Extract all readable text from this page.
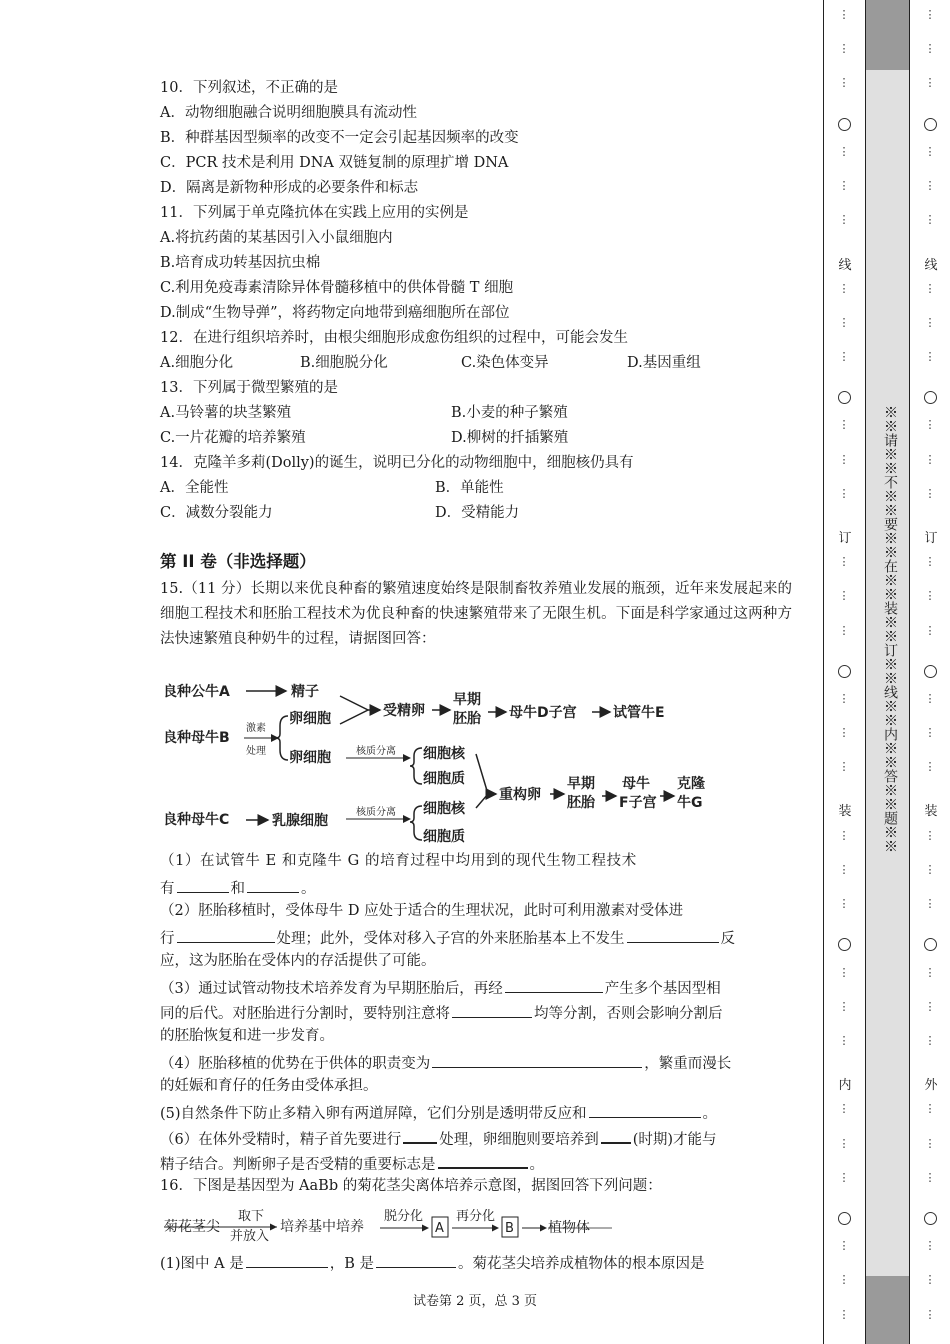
10．下列叙述，不正确的是
A．动物细胞融合说明细胞膜具有流动性
B．种群基因型频率的改变不一定会引起基因频率的改变
C．PCR 技术是利用 DNA 双链复制的原理扩增 DNA
D．隔离是新物种形成的必要条件和标志
11．下列属于单克隆抗体在实践上应用的实例是
A.将抗药菌的某基因引入小鼠细胞内
B.培育成功转基因抗虫棉
C.利用免疫毒素清除异体骨髓移植中的供体骨髓 T 细胞
D.制成“生物导弹”，将药物定向地带到癌细胞所在部位
12．在进行组织培养时，由根尖细胞形成愈伤组织的过程中，可能会发生
A.细胞分化	B.细胞脱分化	C.染色体变异	D.基因重组
13．下列属于微型繁殖的是
A.马铃薯的块茎繁殖	B.小麦的种子繁殖
C.一片花瓣的培养繁殖	D.柳树的扦插繁殖
14．克隆羊多莉(Dolly)的诞生，说明已分化的动物细胞中，细胞核仍具有
A．全能性	B．单能性
C．减数分裂能力	D．受精能力
第 II 卷（非选择题）
15.（11 分）长期以来优良种畜的繁殖速度始终是限制畜牧养殖业发展的瓶颈，近年来发展起来的细胞工程技术和胚胎工程技术为优良种畜的快速繁殖带来了无限生机。下面是科学家通过这两种方法快速繁殖良种奶牛的过程，请据图回答：
良种公牛A	精子
受精卵
早期
胚胎 母牛D子宫	试管牛E
良种母牛B
激素
处理
卵细胞
卵细胞	核质分离 细胞核
细胞质
重构卵
早期
胚胎
母牛
F子宫
克隆
牛G
良种母牛C	乳腺细胞
核质分离 细胞核
细胞质
（1）在试管牛 E 和克隆牛 G 的培育过程中均用到的现代生物工程技术
有	和	。
（2）胚胎移植时，受体母牛 D 应处于适合的生理状况，此时可利用激素对受体进
行	处理；此外，受体对移入子宫的外来胚胎基本上不发生	反
应，这为胚胎在受体内的存活提供了可能。
（3）通过试管动物技术培养发育为早期胚胎后，再经	产生多个基因型相
同的后代。对胚胎进行分割时，要特别注意将	均等分割，否则会影响分割后
的胚胎恢复和进一步发育。
（4）胚胎移植的优势在于供体的职责变为	，繁重而漫长
的妊娠和育仔的任务由受体承担。
(5)自然条件下防止多精入卵有两道屏障，它们分别是透明带反应和	。
（6）在体外受精时，精子首先要进行	处理，卵细胞则要培养到 (时期)才能与
精子结合。判断卵子是否受精的重要标志是	。
16．下图是基因型为 AaBb 的菊花茎尖离体培养示意图，据图回答下列问题：
菊花茎尖
取下
并放入
培养基中培养
脱分化
A
再分化
B 植物体
(1)图中 A 是	，B 是	。菊花茎尖培养成植物体的根本原因是
试卷第 2 页，总 3 页
※※请※※不※※要※※在※※装※※订※※线※※内※※答※※题※※
线
订
装
内
线
订
装
外
⋮
⋮
⋮
⋮
⋮
⋮
⋮
⋮
⋮
⋮
⋮
⋮
⋮
⋮
⋮
⋮
⋮
⋮
⋮
⋮
⋮
⋮
⋮
⋮
⋮
⋮
⋮
⋮
⋮
⋮
⋮
⋮
⋮
⋮
⋮
⋮
⋮
⋮
⋮
⋮
⋮
⋮
⋮
⋮
⋮
⋮
⋮
⋮
⋮
⋮
⋮
⋮
⋮
⋮
⋮
⋮
⋮
⋮
⋮
⋮
